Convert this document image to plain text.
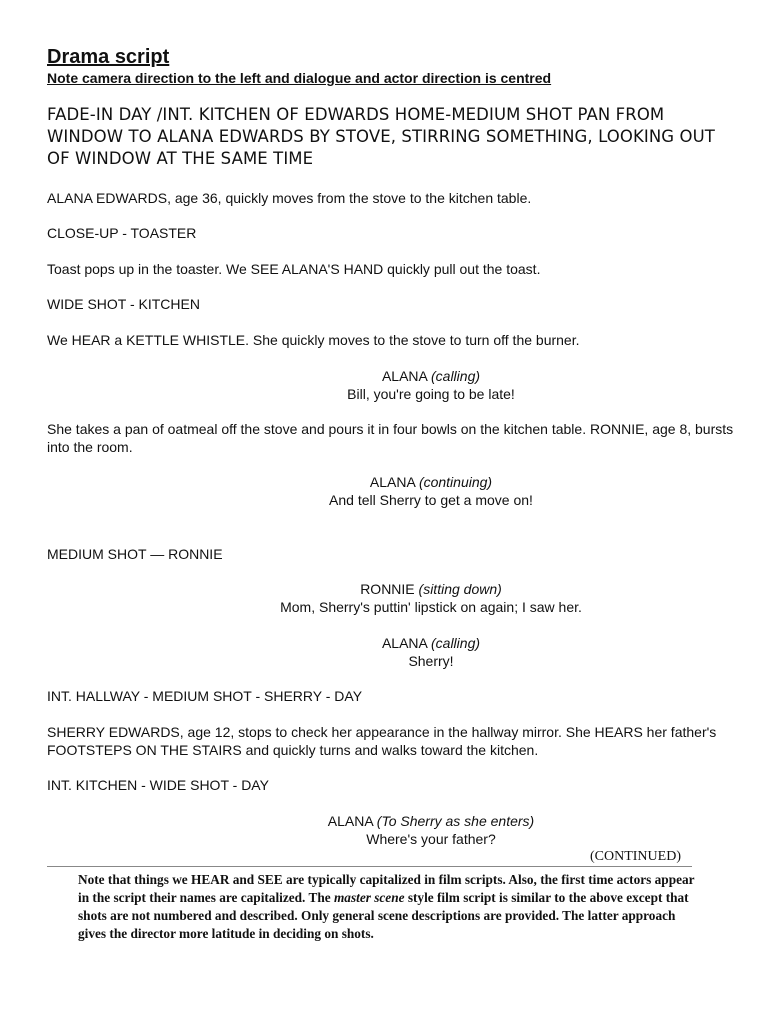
Drama script
Note camera direction to the left and dialogue and actor direction is centred
FADE-IN DAY /INT. KITCHEN OF EDWARDS HOME-MEDIUM SHOT PAN FROM WINDOW TO ALANA EDWARDS BY STOVE, STIRRING SOMETHING, LOOKING OUT OF WINDOW AT THE SAME TIME
ALANA EDWARDS, age 36, quickly moves from the stove to the kitchen table.
CLOSE-UP - TOASTER
Toast pops up in the toaster. We SEE ALANA'S HAND quickly pull out the toast.
WIDE SHOT - KITCHEN
We HEAR a KETTLE WHISTLE. She quickly moves to the stove to turn off the burner.
ALANA (calling)
Bill, you're going to be late!
She takes a pan of oatmeal off the stove and pours it in four bowls on the kitchen table. RONNIE, age 8, bursts into the room.
ALANA (continuing)
And tell Sherry to get a move on!
MEDIUM SHOT — RONNIE
RONNIE (sitting down)
Mom, Sherry's puttin' lipstick on again; I saw her.
ALANA (calling)
Sherry!
INT. HALLWAY - MEDIUM SHOT - SHERRY - DAY
SHERRY EDWARDS, age 12, stops to check her appearance in the hallway mirror. She HEARS her father's FOOTSTEPS ON THE STAIRS and quickly turns and walks toward the kitchen.
INT. KITCHEN - WIDE SHOT - DAY
ALANA (To Sherry as she enters)
Where's your father?
(CONTINUED)
Note that things we HEAR and SEE are typically capitalized in film scripts. Also, the first time actors appear in the script their names are capitalized. The master scene style film script is similar to the above except that shots are not numbered and described. Only general scene descriptions are provided. The latter approach gives the director more latitude in deciding on shots.
